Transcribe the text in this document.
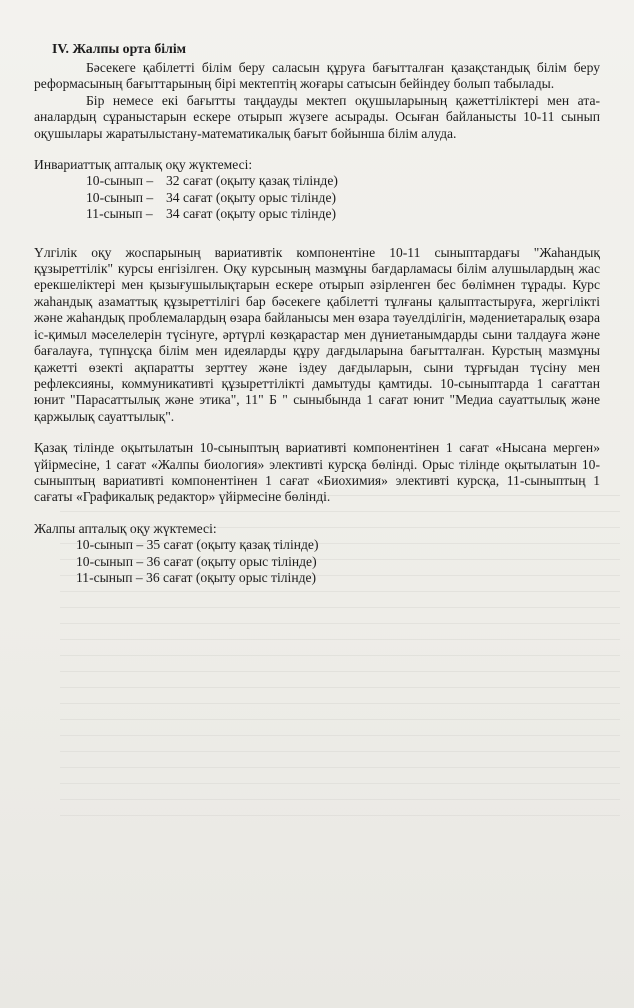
IV. Жалпы орта білім

Бәсекеге қабілетті білім беру саласын құруға бағытталған қазақстандық білім беру реформасының бағыттарының бірі мектептің жоғары сатысын бейіндеу болып табылады.

Бір немесе екі бағытты таңдауды мектеп оқушыларының қажеттіліктері мен ата-аналардың сұраныстарын ескере отырып жүзеге асырады. Осыған байланысты 10-11 сынып оқушылары жаратылыстану-математикалық бағыт бойынша білім алуда.

Инвариаттық апталық оқу жүктемесі:

10-сынып – 32 сағат (оқыту қазақ тілінде)
10-сынып – 34 сағат (оқыту орыс тілінде)
11-сынып – 34 сағат (оқыту орыс тілінде)

Үлгілік оқу жоспарының вариативтік компонентіне 10-11 сыныптардағы "Жаһандық құзыреттілік" курсы енгізілген. Оқу курсының мазмұны бағдарламасы білім алушылардың жас ерекшеліктері мен қызығушылықтарын ескере отырып әзірленген бес бөлімнен тұрады. Курс жаһандық азаматтық құзыреттілігі бар бәсекеге қабілетті тұлғаны қалыптастыруға, жергілікті және жаһандық проблемалардың өзара байланысы мен өзара тәуелділігін, мәдениетаралық өзара іс-қимыл мәселелерін түсінуге, әртүрлі көзқарастар мен дүниетанымдарды сыни талдауға және бағалауға, түпнұсқа білім мен идеяларды құру дағдыларына бағытталған. Курстың мазмұны қажетті өзекті ақпаратты зерттеу және іздеу дағдыларын, сыни тұрғыдан түсіну мен рефлексияны, коммуникативті құзыреттілікті дамытуды қамтиды. 10-сыныптарда 1 сағаттан юнит "Парасаттылық және этика", 11" Б " сыныбында 1 сағат юнит "Медиа сауаттылық және қаржылық сауаттылық".

Қазақ тілінде оқытылатын 10-сыныптың вариативті компонентінен 1 сағат «Нысана мерген» үйірмесіне, 1 сағат «Жалпы биология» элективті курсқа бөлінді. Орыс тілінде оқытылатын 10-сыныптың вариативті компонентінен 1 сағат «Биохимия» элективті курсқа, 11-сыныптың 1 сағаты «Графикалық редактор» үйірмесіне бөлінді.

Жалпы апталық оқу жүктемесі:

10-сынып – 35 сағат (оқыту қазақ тілінде)
10-сынып – 36 сағат (оқыту орыс тілінде)
11-сынып – 36 сағат (оқыту орыс тілінде)
